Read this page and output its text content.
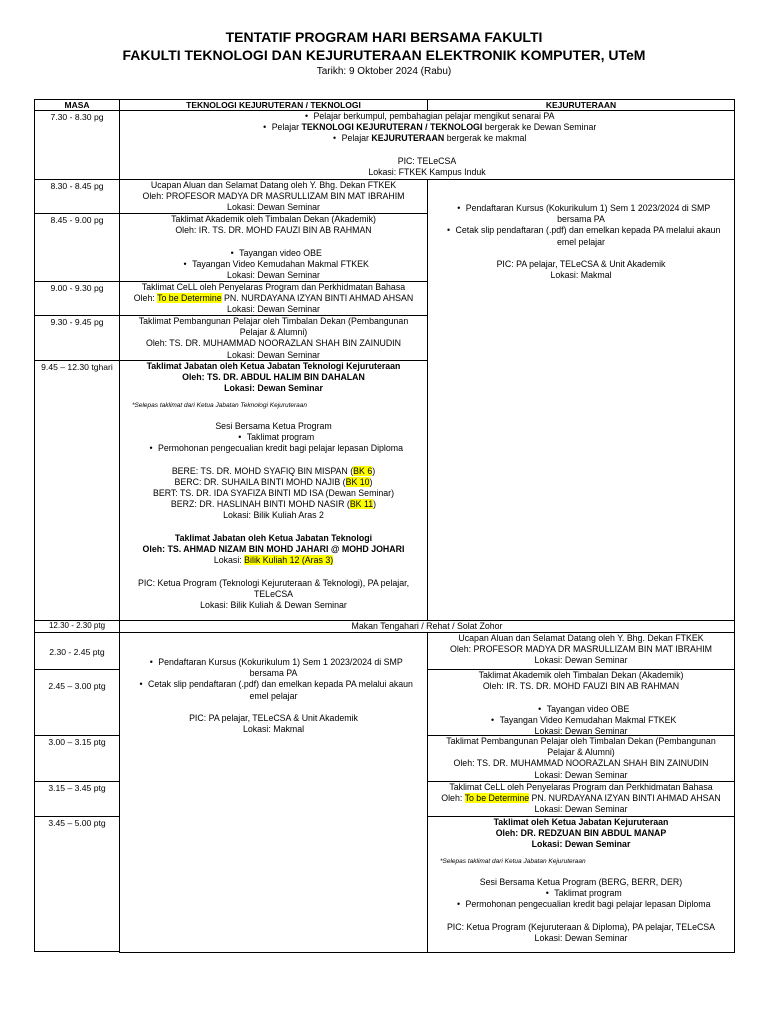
TENTATIF PROGRAM HARI BERSAMA FAKULTI
FAKULTI TEKNOLOGI DAN KEJURUTERAAN ELEKTRONIK KOMPUTER, UTeM
Tarikh: 9 Oktober 2024 (Rabu)
MASA	TEKNOLOGI KEJURUTERAN / TEKNOLOGI	KEJURUTERAAN
7.30 - 8.30 pg
8.30 - 8.45 pg
8.45 - 9.00 pg
9.00 - 9.30 pg
9.30 - 9.45 pg
9.45 – 12.30 tghari
12.30 - 2.30 ptg
2.30 - 2.45 ptg
2.45 – 3.00 ptg
3.00 – 3.15 ptg
3.15 – 3.45 ptg
3.45 – 5.00 ptg
• Pelajar berkumpul, pembahagian pelajar mengikut senarai PA
• Pelajar TEKNOLOGI KEJURUTERAN / TEKNOLOGI bergerak ke Dewan Seminar
• Pelajar KEJURUTERAAN bergerak ke makmal
PIC: TELeCSA
Lokasi: FTKEK Kampus Induk
Ucapan Aluan dan Selamat Datang oleh Y. Bhg. Dekan FTKEK
Oleh: PROFESOR MADYA DR MASRULLIZAM BIN MAT IBRAHIM
Lokasi: Dewan Seminar
Taklimat Akademik oleh Timbalan Dekan (Akademik)
Oleh: IR. TS. DR. MOHD FAUZI BIN AB RAHMAN
• Tayangan video OBE
• Tayangan Video Kemudahan Makmal FTKEK
Lokasi: Dewan Seminar
Taklimat CeLL oleh Penyelaras Program dan Perkhidmatan Bahasa
Oleh: To be Determine PN. NURDAYANA IZYAN BINTI AHMAD AHSAN
Lokasi: Dewan Seminar
Taklimat Pembangunan Pelajar oleh Timbalan Dekan (Pembangunan
Pelajar & Alumni)
Oleh: TS. DR. MUHAMMAD NOORAZLAN SHAH BIN ZAINUDIN
Lokasi: Dewan Seminar
Taklimat Jabatan oleh Ketua Jabatan Teknologi Kejuruteraan
Oleh: TS. DR. ABDUL HALIM BIN DAHALAN
Lokasi: Dewan Seminar
*Selepas taklimat dari Ketua Jabatan Teknologi Kejuruteraan
Sesi Bersama Ketua Program
• Taklimat program
• Permohonan pengecualian kredit bagi pelajar lepasan Diploma
BERE: TS. DR. MOHD SYAFIQ BIN MISPAN (BK 6)
BERC: DR. SUHAILA BINTI MOHD NAJIB (BK 10)
BERT: TS. DR. IDA SYAFIZA BINTI MD ISA (Dewan Seminar)
BERZ: DR. HASLINAH BINTI MOHD NASIR (BK 11)
Lokasi: Bilik Kuliah Aras 2
Taklimat Jabatan oleh Ketua Jabatan Teknologi
Oleh: TS. AHMAD NIZAM BIN MOHD JAHARI @ MOHD JOHARI
Lokasi: Bilik Kuliah 12 (Aras 3)
PIC: Ketua Program (Teknologi Kejuruteraan & Teknologi), PA pelajar,
TELeCSA
Lokasi: Bilik Kuliah & Dewan Seminar
• Pendaftaran Kursus (Kokurikulum 1) Sem 1 2023/2024 di SMP
bersama PA
• Cetak slip pendaftaran (.pdf) dan emelkan kepada PA melalui akaun
emel pelajar
PIC: PA pelajar, TELeCSA & Unit Akademik
Lokasi: Makmal
Makan Tengahari / Rehat / Solat Zohor
• Pendaftaran Kursus (Kokurikulum 1) Sem 1 2023/2024 di SMP
bersama PA
• Cetak slip pendaftaran (.pdf) dan emelkan kepada PA melalui akaun
emel pelajar
PIC: PA pelajar, TELeCSA & Unit Akademik
Lokasi: Makmal
Ucapan Aluan dan Selamat Datang oleh Y. Bhg. Dekan FTKEK
Oleh: PROFESOR MADYA DR MASRULLIZAM BIN MAT IBRAHIM
Lokasi: Dewan Seminar
Taklimat Akademik oleh Timbalan Dekan (Akademik)
Oleh: IR. TS. DR. MOHD FAUZI BIN AB RAHMAN
• Tayangan video OBE
• Tayangan Video Kemudahan Makmal FTKEK
Lokasi: Dewan Seminar
Taklimat Pembangunan Pelajar oleh Timbalan Dekan (Pembangunan
Pelajar & Alumni)
Oleh: TS. DR. MUHAMMAD NOORAZLAN SHAH BIN ZAINUDIN
Lokasi: Dewan Seminar
Taklimat CeLL oleh Penyelaras Program dan Perkhidmatan Bahasa
Oleh: To be Determine PN. NURDAYANA IZYAN BINTI AHMAD AHSAN
Lokasi: Dewan Seminar
Taklimat oleh Ketua Jabatan Kejuruteraan
Oleh: DR. REDZUAN BIN ABDUL MANAP
Lokasi: Dewan Seminar
*Selepas taklimat dari Ketua Jabatan Kejuruteraan
Sesi Bersama Ketua Program (BERG, BERR, DER)
• Taklimat program
• Permohonan pengecualian kredit bagi pelajar lepasan Diploma
PIC: Ketua Program (Kejuruteraan & Diploma), PA pelajar, TELeCSA
Lokasi: Dewan Seminar
